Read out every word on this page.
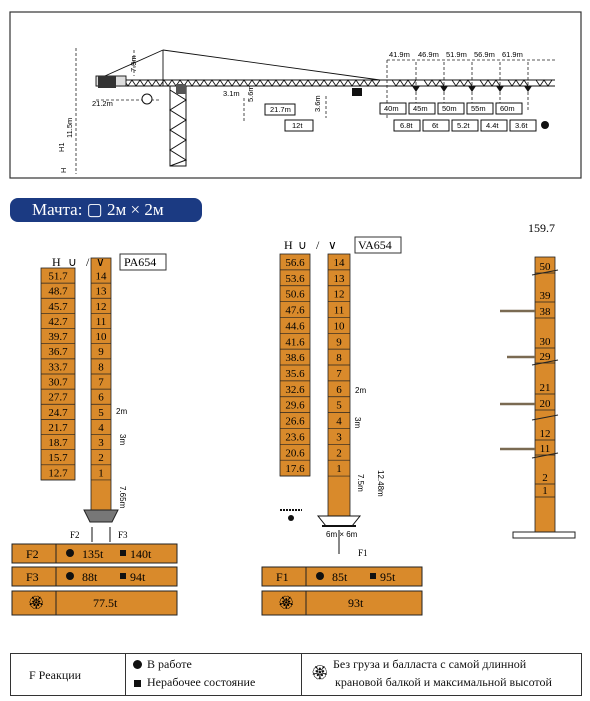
41.9m 46.9m 51.9m 56.9m 61.9m
21.2m
7.9m
3.1m 5.6m
3.6m
H1
11.5m
H
21.7m
12t
40m 45m 50m 55m 60m
6.8t	6t 5.2t 4.4t 3.6t
51.7	14
48.7	13
45.7	12
42.7	11
39.7	10
36.7	9
33.7	8
30.7	7
27.7	6
24.7	5
21.7	4
18.7	3
15.7	2
12.7	1
56.6	14
53.6	13
50.6	12
47.6	11
44.6	10
41.6	9
38.6	8
35.6	7
32.6	6
29.6	5
26.6	4
23.6	3
20.6	2
17.6	1
50
39
38
30
29
21
20
12
11
2
1
2m
3m
7.65m
2m
3m
7.5m 12.48m
6m × 6m
F2	F3
F1
H ∪ / ∨
H ∪ / ∨
PA654
VA654
159.7
F2	135t 140t
F3	88t	94t
🏵	77.5t
F1	85t	95t
🏵	93t
Мачта: ▢ 2м × 2м
F Реакции
В работе
Нерабочее состояние
🏵
Без груза и балласта с самой длинной
крановой балкой и максимальной высотой
